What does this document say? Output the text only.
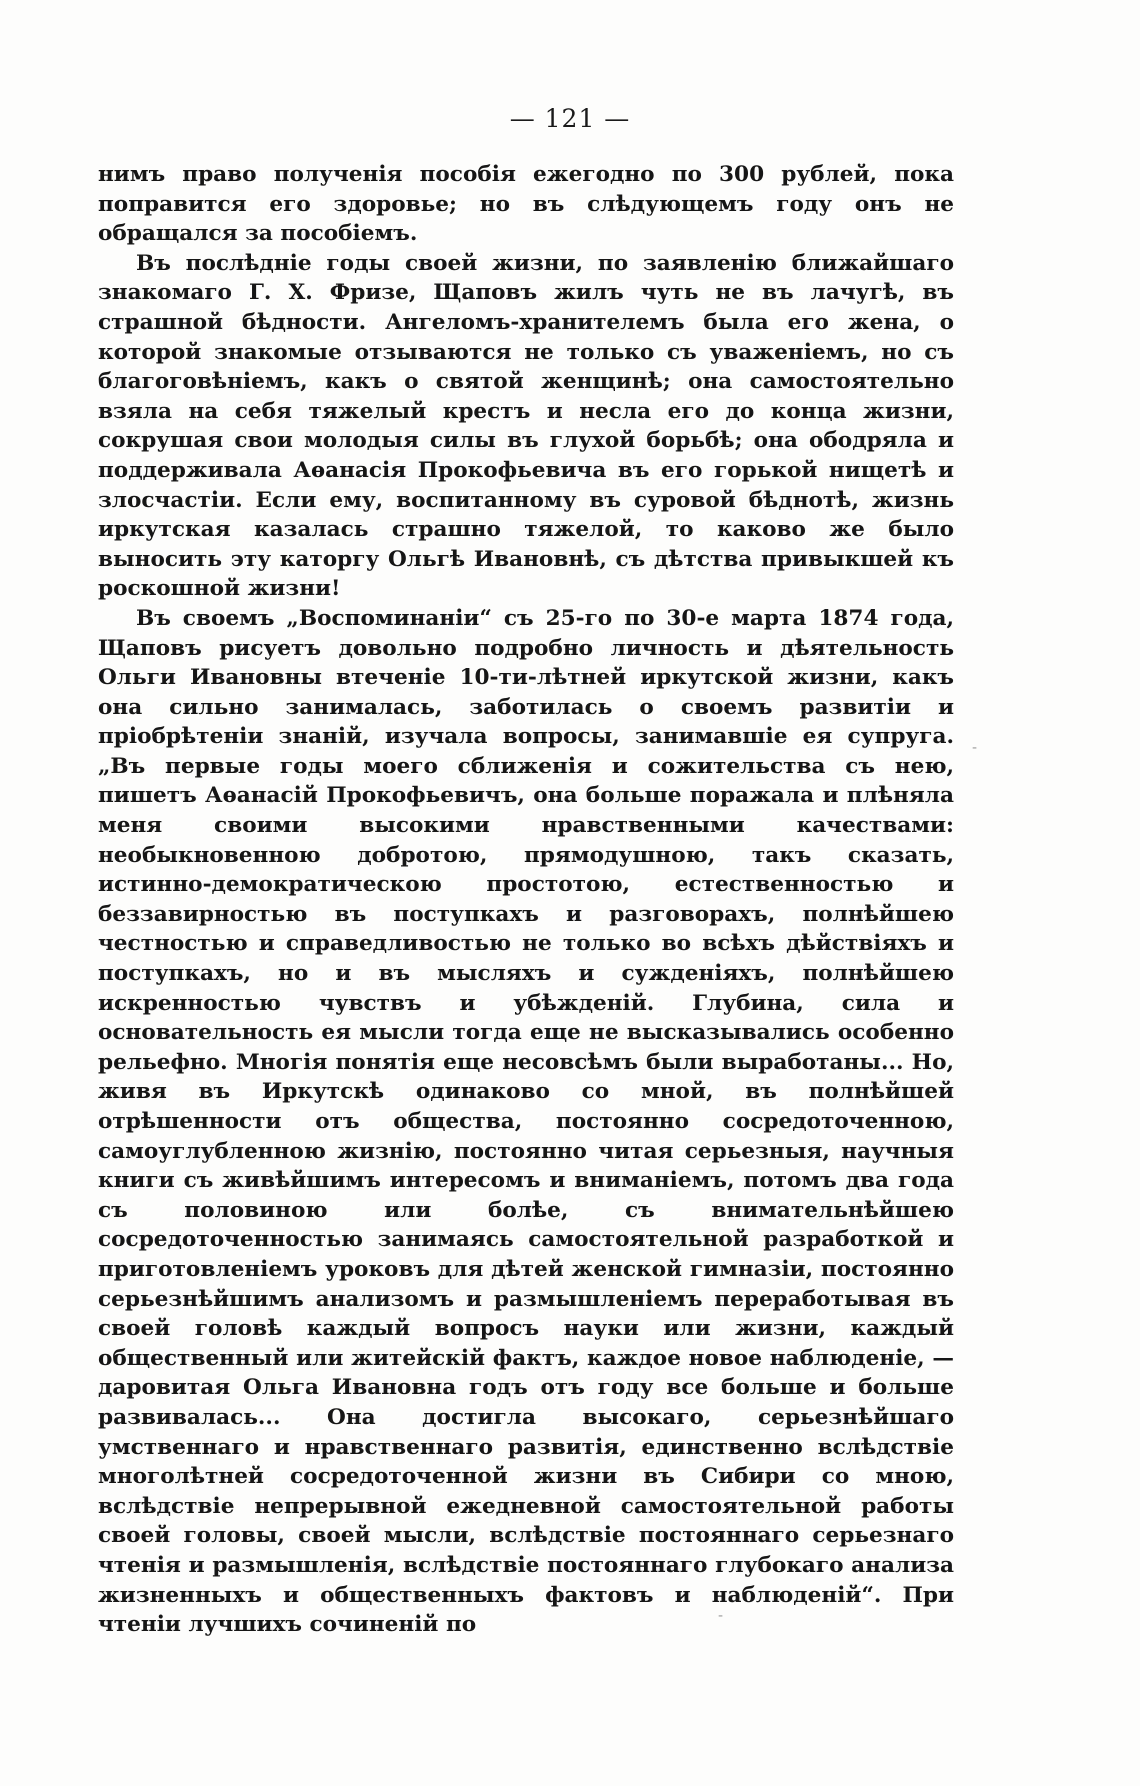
— 121 —

нимъ право полученія пособія ежегодно по 300 рублей, пока поправится его здоровье; но въ слѣдующемъ году онъ не обращался за пособіемъ.

Въ послѣдніе годы своей жизни, по заявленію ближайшаго знакомаго Г. Х. Фризе, Щаповъ жилъ чуть не въ лачугѣ, въ страшной бѣдности. Ангеломъ-хранителемъ была его жена, о которой знакомые отзываются не только съ уваженіемъ, но съ благоговѣніемъ, какъ о святой женщинѣ; она самостоятельно взяла на себя тяжелый крестъ и несла его до конца жизни, сокрушая свои молодыя силы въ глухой борьбѣ; она ободряла и поддерживала Аѳанасія Прокофьевича въ его горькой нищетѣ и злосчастіи. Если ему, воспитанному въ суровой бѣднотѣ, жизнь иркутская казалась страшно тяжелой, то каково же было выносить эту каторгу Ольгѣ Ивановнѣ, съ дѣтства привыкшей къ роскошной жизни!

Въ своемъ „Воспоминаніи“ съ 25-го по 30-е марта 1874 года, Щаповъ рисуетъ довольно подробно личность и дѣятельность Ольги Ивановны втеченіе 10-ти-лѣтней иркутской жизни, какъ она сильно занималась, заботилась о своемъ развитіи и пріобрѣтеніи знаній, изучала вопросы, занимавшіе ея супруга. „Въ первые годы моего сближенія и сожительства съ нею, пишетъ Аѳанасій Прокофьевичъ, она больше поражала и плѣняла меня своими высокими нравственными качествами: необыкновенною добротою, прямодушною, такъ сказать, истинно-демократическою простотою, естественностью и беззавирностью въ поступкахъ и разговорахъ, полнѣйшею честностью и справедливостью не только во всѣхъ дѣйствіяхъ и поступкахъ, но и въ мысляхъ и сужденіяхъ, полнѣйшею искренностью чувствъ и убѣжденій. Глубина, сила и основательность ея мысли тогда еще не высказывались особенно рельефно. Многія понятія еще несовсѣмъ были выработаны... Но, живя въ Иркутскѣ одинаково со мной, въ полнѣйшей отрѣшенности отъ общества, постоянно сосредоточенною, самоуглубленною жизнію, постоянно читая серьезныя, научныя книги съ живѣйшимъ интересомъ и вниманіемъ, потомъ два года съ половиною или болѣе, съ внимательнѣйшею сосредоточенностью занимаясь самостоятельной разработкой и приготовленіемъ уроковъ для дѣтей женской гимназіи, постоянно серьезнѣйшимъ анализомъ и размышленіемъ переработывая въ своей головѣ каждый вопросъ науки или жизни, каждый общественный или житейскій фактъ, каждое новое наблюденіе, — даровитая Ольга Ивановна годъ отъ году все больше и больше развивалась... Она достигла высокаго, серьезнѣйшаго умственнаго и нравственнаго развитія, единственно вслѣдствіе многолѣтней сосредоточенной жизни въ Сибири со мною, вслѣдствіе непрерывной ежедневной самостоятельной работы своей головы, своей мысли, вслѣдствіе постояннаго серьезнаго чтенія и размышленія, вслѣдствіе постояннаго глубокаго анализа жизненныхъ и общественныхъ фактовъ и наблюденій“. При чтеніи лучшихъ сочиненій по

-
-
